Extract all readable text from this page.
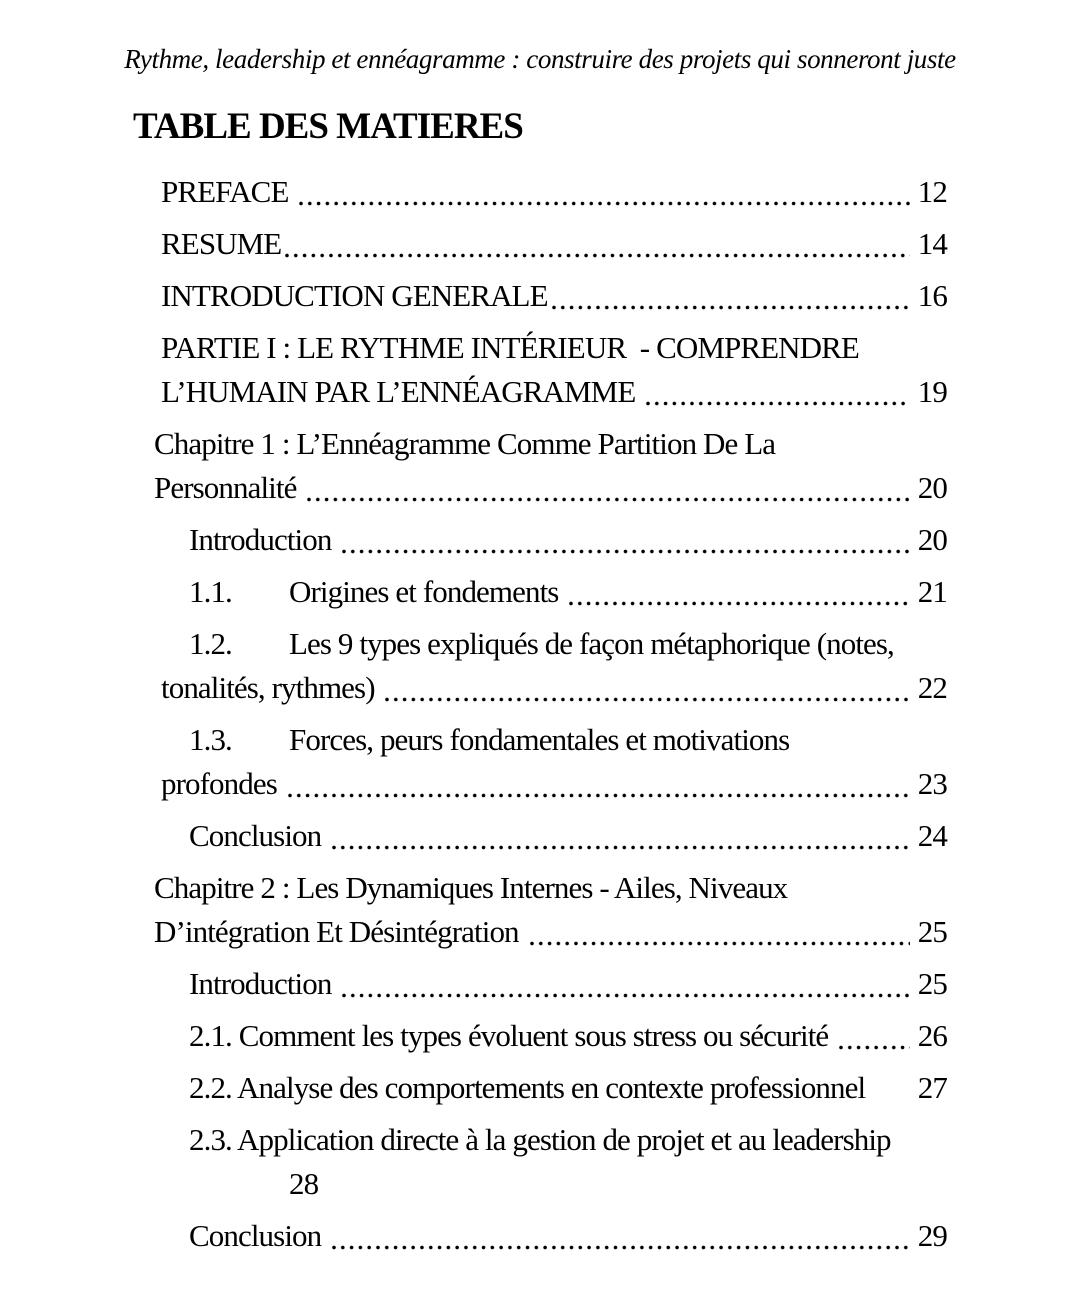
Rythme, leadership et ennéagramme : construire des projets qui sonneront juste
TABLE DES MATIERES
PREFACE	12
RESUME	14
INTRODUCTION GENERALE	16
PARTIE I : LE RYTHME INTÉRIEUR  - COMPRENDRE
L’HUMAIN PAR L’ENNÉAGRAMME	19
Chapitre 1 : L’Ennéagramme Comme Partition De La
Personnalité	20
Introduction	20
1.1.	Origines et fondements	21
1.2.	Les 9 types expliqués de façon métaphorique (notes,
tonalités, rythmes)	22
1.3.	Forces, peurs fondamentales et motivations
profondes	23
Conclusion	24
Chapitre 2 : Les Dynamiques Internes - Ailes, Niveaux
D’intégration Et Désintégration	25
Introduction	25
2.1. Comment les types évoluent sous stress ou sécurité	26
2.2. Analyse des comportements en contexte professionnel 27
2.3. Application directe à la gestion de projet et au leadership
28
Conclusion	29
